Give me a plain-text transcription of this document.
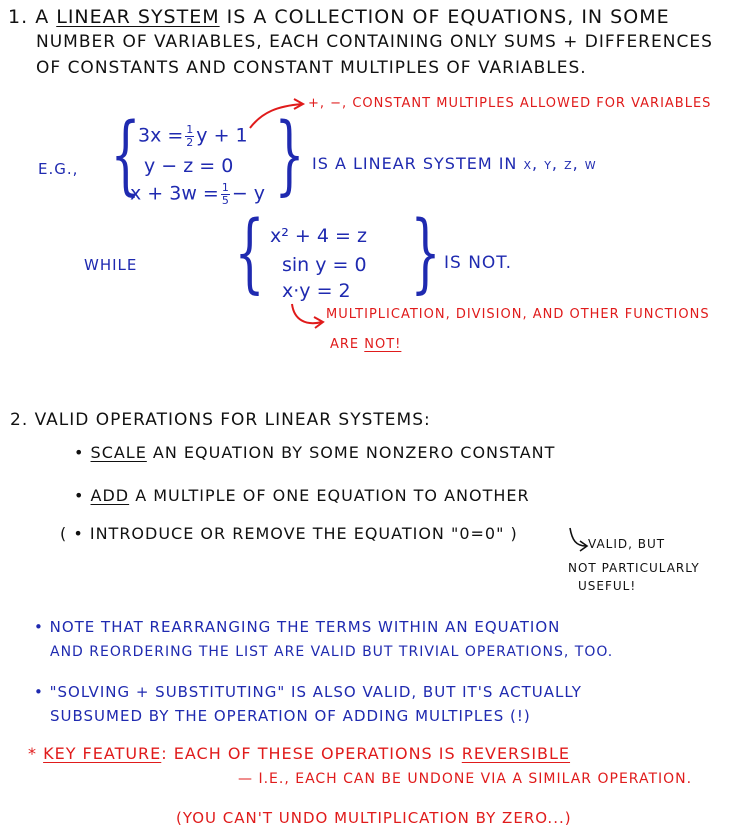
1. A LINEAR SYSTEM IS A COLLECTION OF EQUATIONS, IN SOME
NUMBER OF VARIABLES, EACH CONTAINING ONLY SUMS + DIFFERENCES
OF CONSTANTS AND CONSTANT MULTIPLES OF VARIABLES.
+, −, CONSTANT MULTIPLES ALLOWED FOR VARIABLES
E.G., {
$3x = \frac{1}{2}$ y + 1
y − z = 0
$x + 3w = \frac{1}{5} - y$ } IS A LINEAR SYSTEM IN x, y, z, w
WHILE { x² + 4 = z
sin y = 0
x·y = 2 } IS NOT.
MULTIPLICATION, DIVISION, AND OTHER FUNCTIONS
ARE NOT!
2. VALID OPERATIONS FOR LINEAR SYSTEMS:
• SCALE AN EQUATION BY SOME NONZERO CONSTANT
• ADD A MULTIPLE OF ONE EQUATION TO ANOTHER
( • INTRODUCE OR REMOVE THE EQUATION "0=0" )
VALID, BUT
NOT PARTICULARLY
USEFUL!
• NOTE THAT REARRANGING THE TERMS WITHIN AN EQUATION
AND REORDERING THE LIST ARE VALID BUT TRIVIAL OPERATIONS, TOO.
• "SOLVING + SUBSTITUTING" IS ALSO VALID, BUT IT'S ACTUALLY
SUBSUMED BY THE OPERATION OF ADDING MULTIPLES (!)
* KEY FEATURE: EACH OF THESE OPERATIONS IS REVERSIBLE
— I.E., EACH CAN BE UNDONE VIA A SIMILAR OPERATION.
(YOU CAN'T UNDO MULTIPLICATION BY ZERO...)
